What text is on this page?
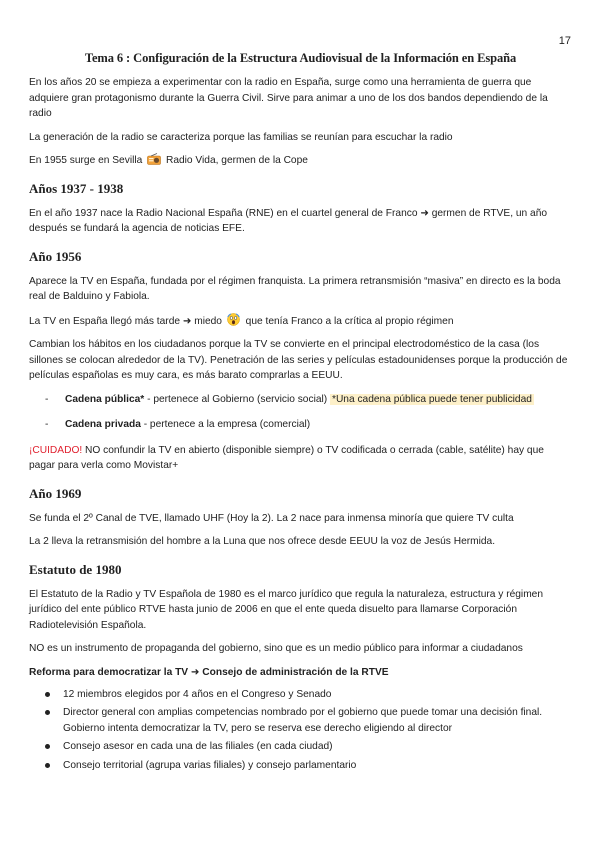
17
Tema 6 : Configuración de la Estructura Audiovisual de la Información en España

En los años 20 se empieza a experimentar con la radio en España, surge como una herramienta de guerra que adquiere gran protagonismo durante la Guerra Civil. Sirve para animar a uno de los dos bandos dependiendo de la radio

La generación de la radio se caracteriza porque las familias se reunían para escuchar la radio

En 1955 surge en Sevilla Radio Vida, germen de la Cope

Años 1937 - 1938

En el año 1937 nace la Radio Nacional España (RNE) en el cuartel general de Franco ➜ germen de RTVE, un año después se fundará la agencia de noticias EFE.

Año 1956

Aparece la TV en España, fundada por el régimen franquista. La primera retransmisión “masiva” en directo es la boda real de Balduino y Fabiola.

La TV en España llegó más tarde ➜ miedo que tenía Franco a la crítica al propio régimen

Cambian los hábitos en los ciudadanos porque la TV se convierte en el principal electrodoméstico de la casa (los sillones se colocan alrededor de la TV). Penetración de las series y películas estadounidenses porque la producción de películas españolas es muy cara, es más barato comprarlas a EEUU.

- Cadena pública* - pertenece al Gobierno (servicio social) *Una cadena pública puede tener publicidad
- Cadena privada - pertenece a la empresa (comercial)

¡CUIDADO! NO confundir la TV en abierto (disponible siempre) o TV codificada o cerrada (cable, satélite) hay que pagar para verla como Movistar+

Año 1969

Se funda el 2º Canal de TVE, llamado UHF (Hoy la 2). La 2 nace para inmensa minoría que quiere TV culta

La 2 lleva la retransmisión del hombre a la Luna que nos ofrece desde EEUU la voz de Jesús Hermida.

Estatuto de 1980

El Estatuto de la Radio y TV Española de 1980 es el marco jurídico que regula la naturaleza, estructura y régimen jurídico del ente público RTVE hasta junio de 2006 en que el ente queda disuelto para llamarse Corporación Radiotelevisión Española.

NO es un instrumento de propaganda del gobierno, sino que es un medio público para informar a ciudadanos

Reforma para democratizar la TV ➜ Consejo de administración de la RTVE
12 miembros elegidos por 4 años en el Congreso y Senado
Director general con amplias competencias nombrado por el gobierno que puede tomar una decisión final. Gobierno intenta democratizar la TV, pero se reserva ese derecho eligiendo al director
Consejo asesor en cada una de las filiales (en cada ciudad)
Consejo territorial (agrupa varias filiales) y consejo parlamentario
